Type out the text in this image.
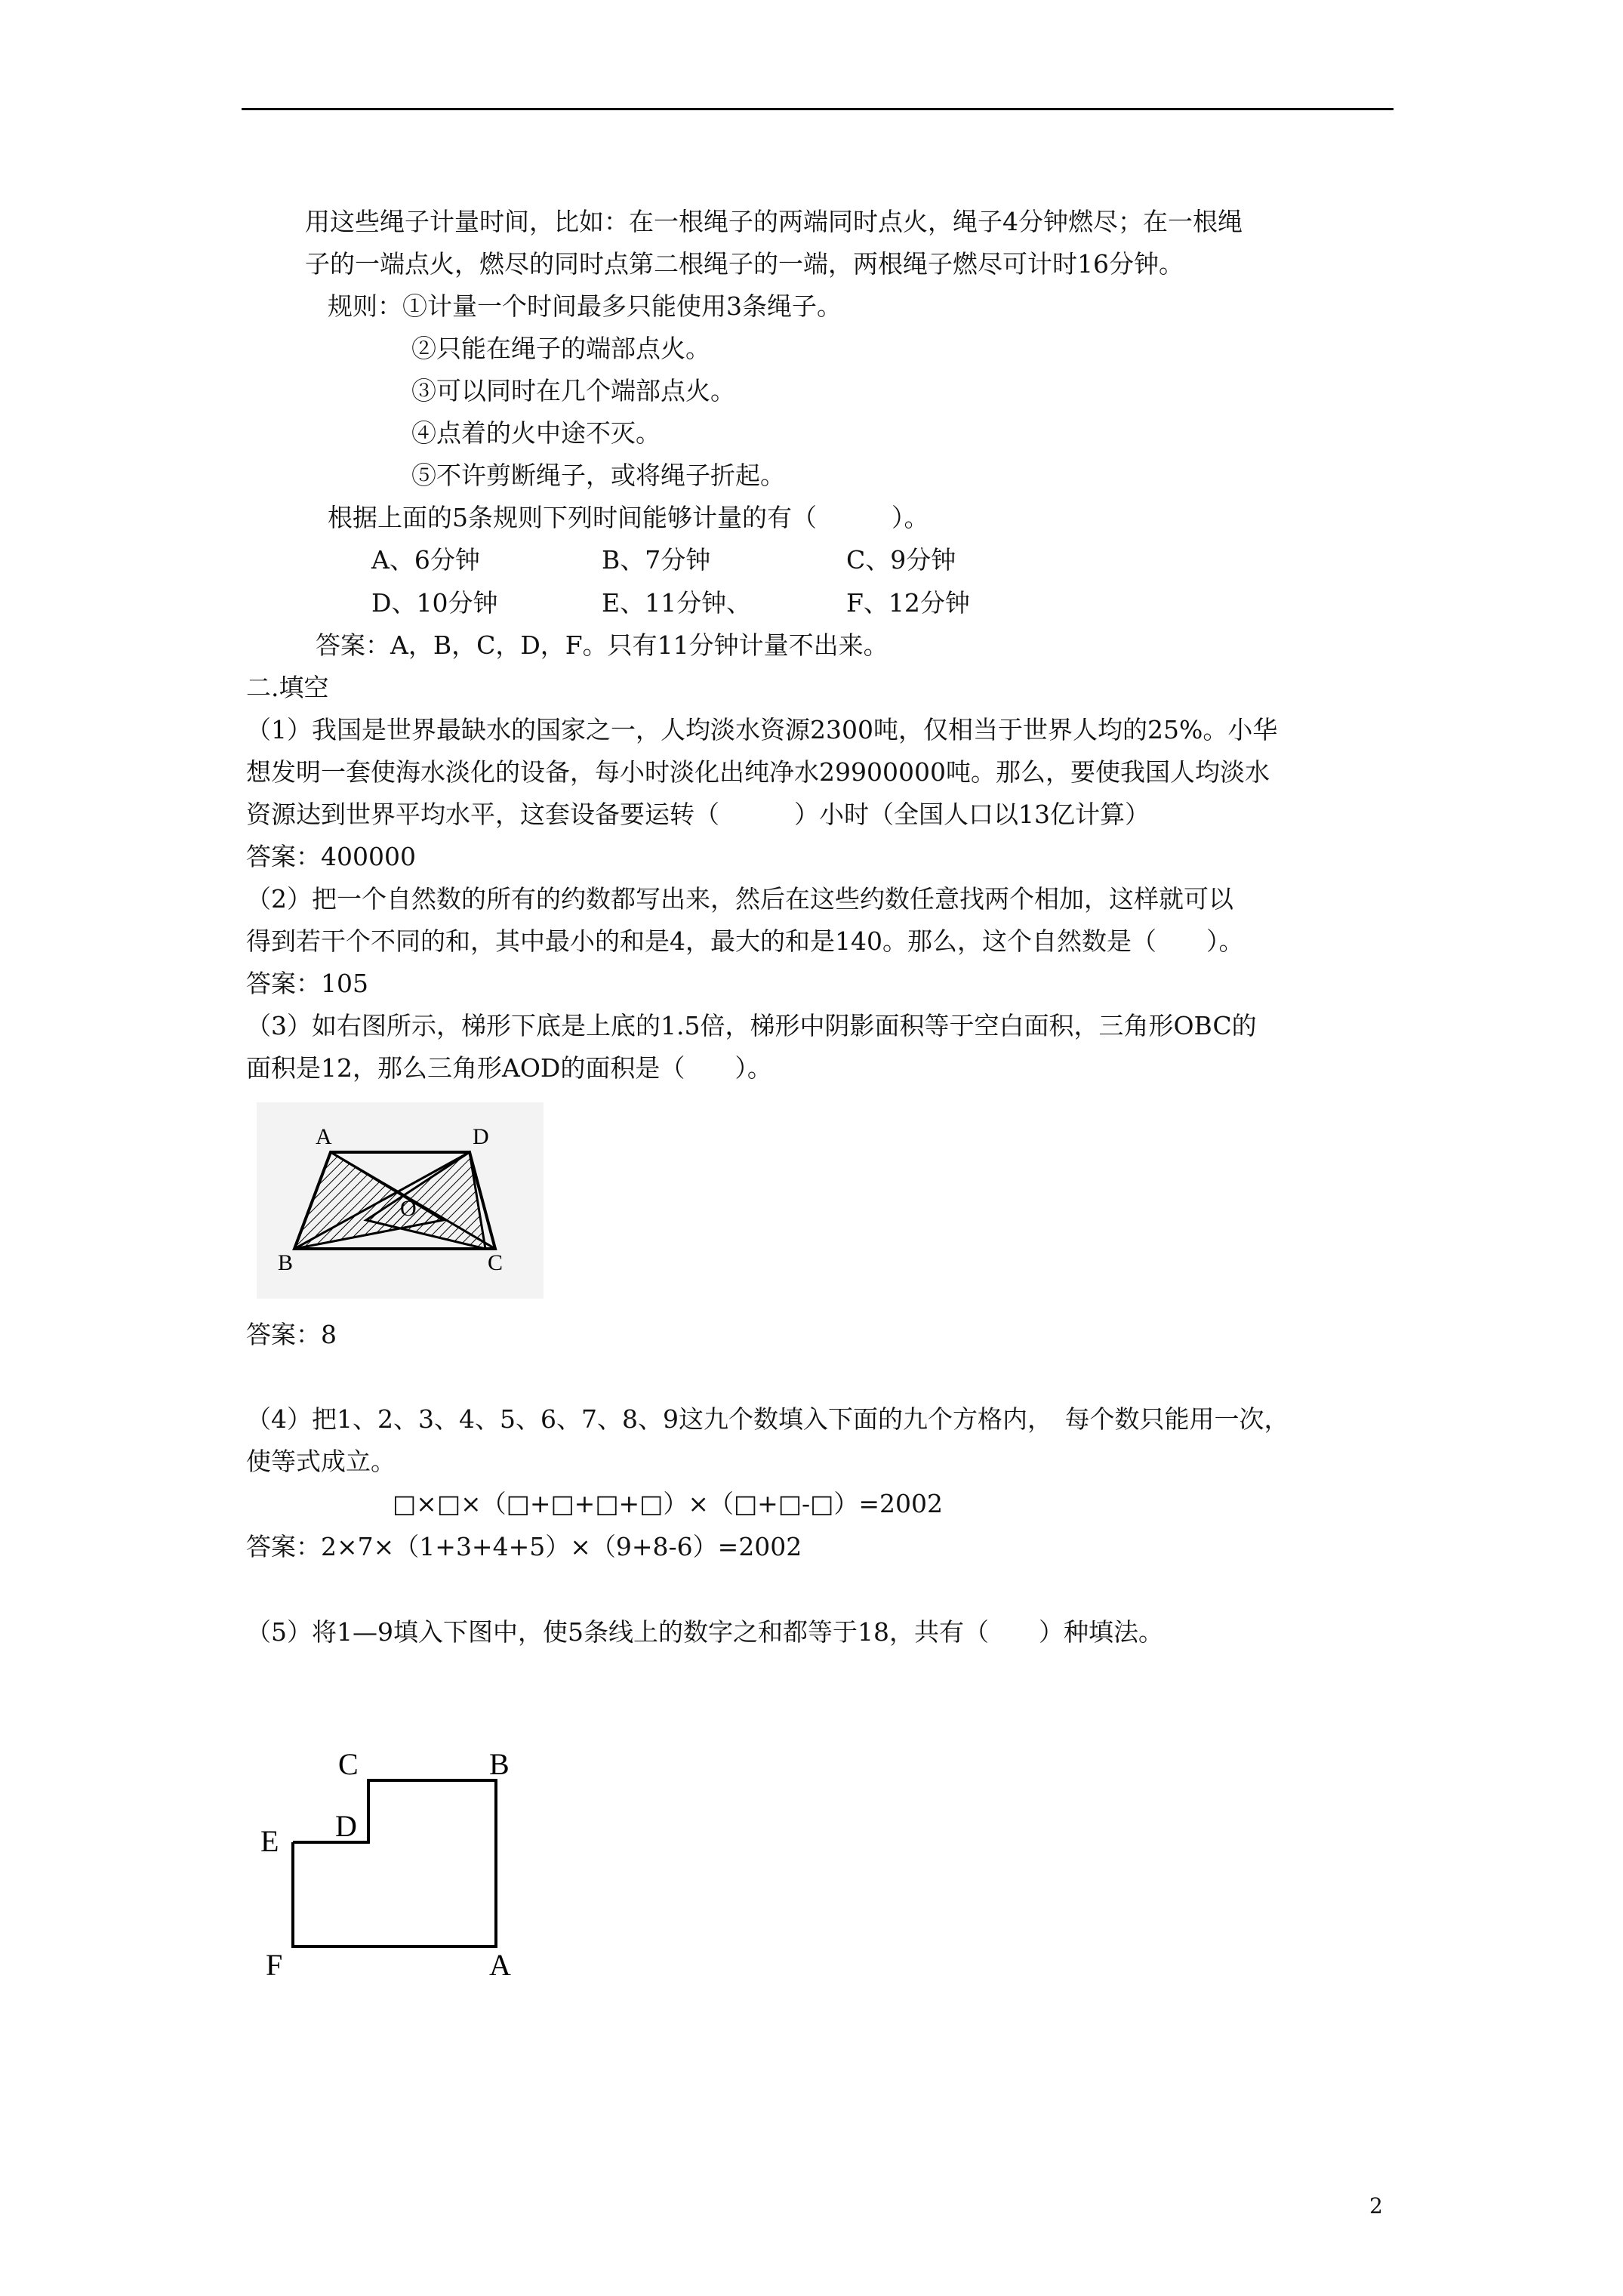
用这些绳子计量时间，比如：在一根绳子的两端同时点火，绳子4分钟燃尽；在一根绳
子的一端点火，燃尽的同时点第二根绳子的一端，两根绳子燃尽可计时16分钟。
规则：①计量一个时间最多只能使用3条绳子。
②只能在绳子的端部点火。
③可以同时在几个端部点火。
④点着的火中途不灭。
⑤不许剪断绳子，或将绳子折起。
根据上面的5条规则下列时间能够计量的有（　　　）。
A、6分钟	B、7分钟	C、9分钟
D、10分钟	E、11分钟、	F、12分钟
答案：A，B，C，D，F。只有11分钟计量不出来。
二.填空
（1）我国是世界最缺水的国家之一，人均淡水资源2300吨，仅相当于世界人均的25%。小华
想发明一套使海水淡化的设备，每小时淡化出纯净水29900000吨。那么，要使我国人均淡水
资源达到世界平均水平，这套设备要运转（　　　）小时（全国人口以13亿计算）
答案：400000
（2）把一个自然数的所有的约数都写出来，然后在这些约数任意找两个相加，这样就可以
得到若干个不同的和，其中最小的和是4，最大的和是140。那么，这个自然数是（　　）。
答案：105
（3）如右图所示，梯形下底是上底的1.5倍，梯形中阴影面积等于空白面积，三角形OBC的
面积是12，那么三角形AOD的面积是（　　）。
A	D
O
B	C
答案：8
（4）把1、2、3、4、5、6、7、8、9这九个数填入下面的九个方格内，　每个数只能用一次，
使等式成立。
□×□×（□+□+□+□）×（□+□-□）=2002
答案：2×7×（1+3+4+5）×（9+8-6）=2002
（5）将1—9填入下图中，使5条线上的数字之和都等于18，共有（　　）种填法。
C	B
D
E
F	A
2
